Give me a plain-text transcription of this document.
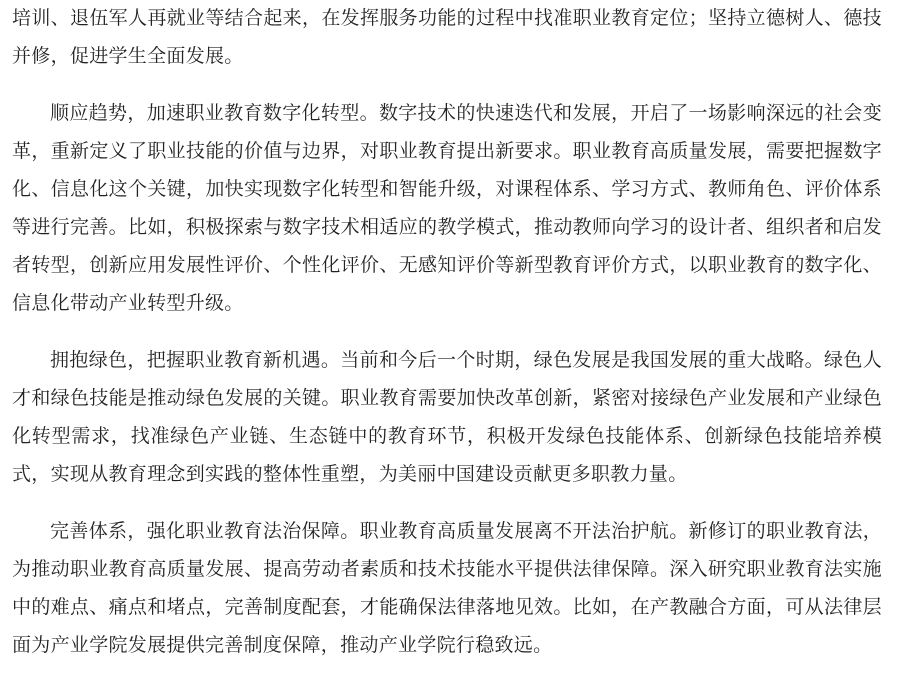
培训、退伍军人再就业等结合起来，在发挥服务功能的过程中找准职业教育定位；坚持立德树人、德技并修，促进学生全面发展。

顺应趋势，加速职业教育数字化转型。数字技术的快速迭代和发展，开启了一场影响深远的社会变革，重新定义了职业技能的价值与边界，对职业教育提出新要求。职业教育高质量发展，需要把握数字化、信息化这个关键，加快实现数字化转型和智能升级，对课程体系、学习方式、教师角色、评价体系等进行完善。比如，积极探索与数字技术相适应的教学模式，推动教师向学习的设计者、组织者和启发者转型，创新应用发展性评价、个性化评价、无感知评价等新型教育评价方式，以职业教育的数字化、信息化带动产业转型升级。

拥抱绿色，把握职业教育新机遇。当前和今后一个时期，绿色发展是我国发展的重大战略。绿色人才和绿色技能是推动绿色发展的关键。职业教育需要加快改革创新，紧密对接绿色产业发展和产业绿色化转型需求，找准绿色产业链、生态链中的教育环节，积极开发绿色技能体系、创新绿色技能培养模式，实现从教育理念到实践的整体性重塑，为美丽中国建设贡献更多职教力量。

完善体系，强化职业教育法治保障。职业教育高质量发展离不开法治护航。新修订的职业教育法，为推动职业教育高质量发展、提高劳动者素质和技术技能水平提供法律保障。深入研究职业教育法实施中的难点、痛点和堵点，完善制度配套，才能确保法律落地见效。比如，在产教融合方面，可从法律层面为产业学院发展提供完善制度保障，推动产业学院行稳致远。
